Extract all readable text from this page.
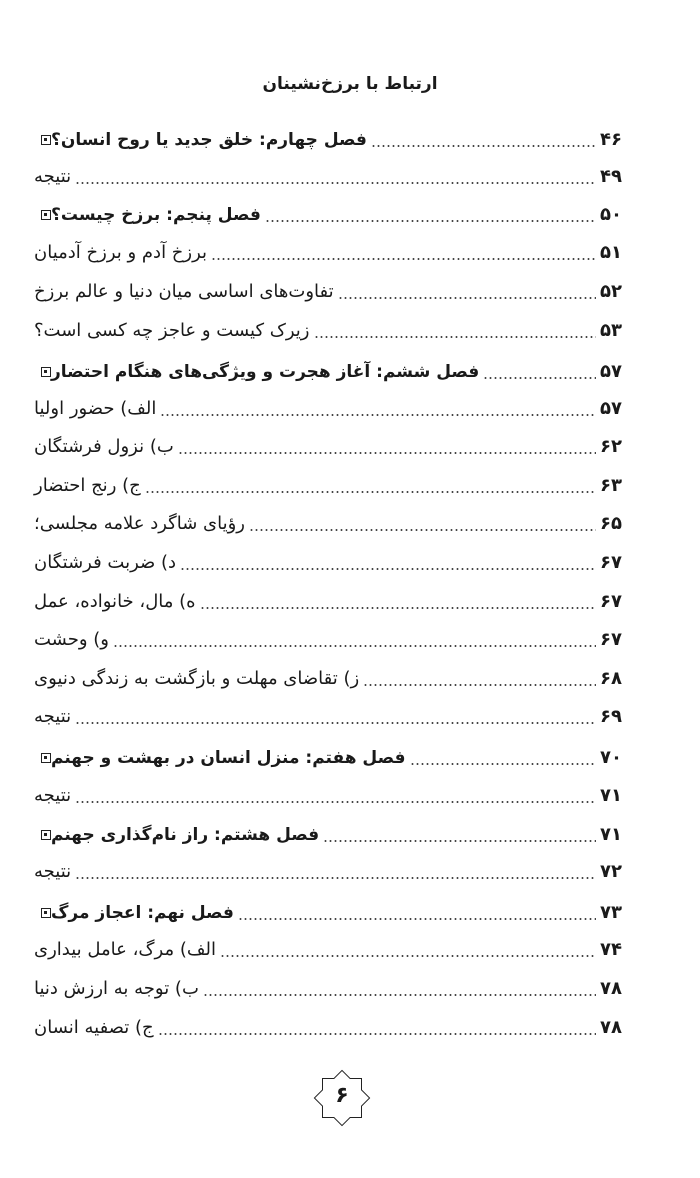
ارتباط با برزخ‌نشینان
فصل چهارم: خلق جدید یا روح انسان؟	۴۶
نتیجه	۴۹
فصل پنجم: برزخ چیست؟	۵۰
برزخ آدم و برزخ آدمیان	۵۱
تفاوت‌های اساسی میان دنیا و عالم برزخ	۵۲
زیرک کیست و عاجز چه کسی است؟	۵۳
فصل ششم: آغاز هجرت و ویژگی‌های هنگام احتضار	۵۷
الف) حضور اولیا	۵۷
ب) نزول فرشتگان	۶۲
ج) رنج احتضار	۶۳
رؤیای شاگرد علامه مجلسی؛	۶۵
د) ضربت فرشتگان	۶۷
ه) مال، خانواده، عمل	۶۷
و) وحشت	۶۷
ز) تقاضای مهلت و بازگشت به زندگی دنیوی	۶۸
نتیجه	۶۹
فصل هفتم: منزل انسان در بهشت و جهنم	۷۰
نتیجه	۷۱
فصل هشتم: راز نام‌گذاری جهنم	۷۱
نتیجه	۷۲
فصل نهم: اعجاز مرگ	۷۳
الف) مرگ، عامل بیداری	۷۴
ب) توجه به ارزش دنیا	۷۸
ج) تصفیه انسان	۷۸
۶
